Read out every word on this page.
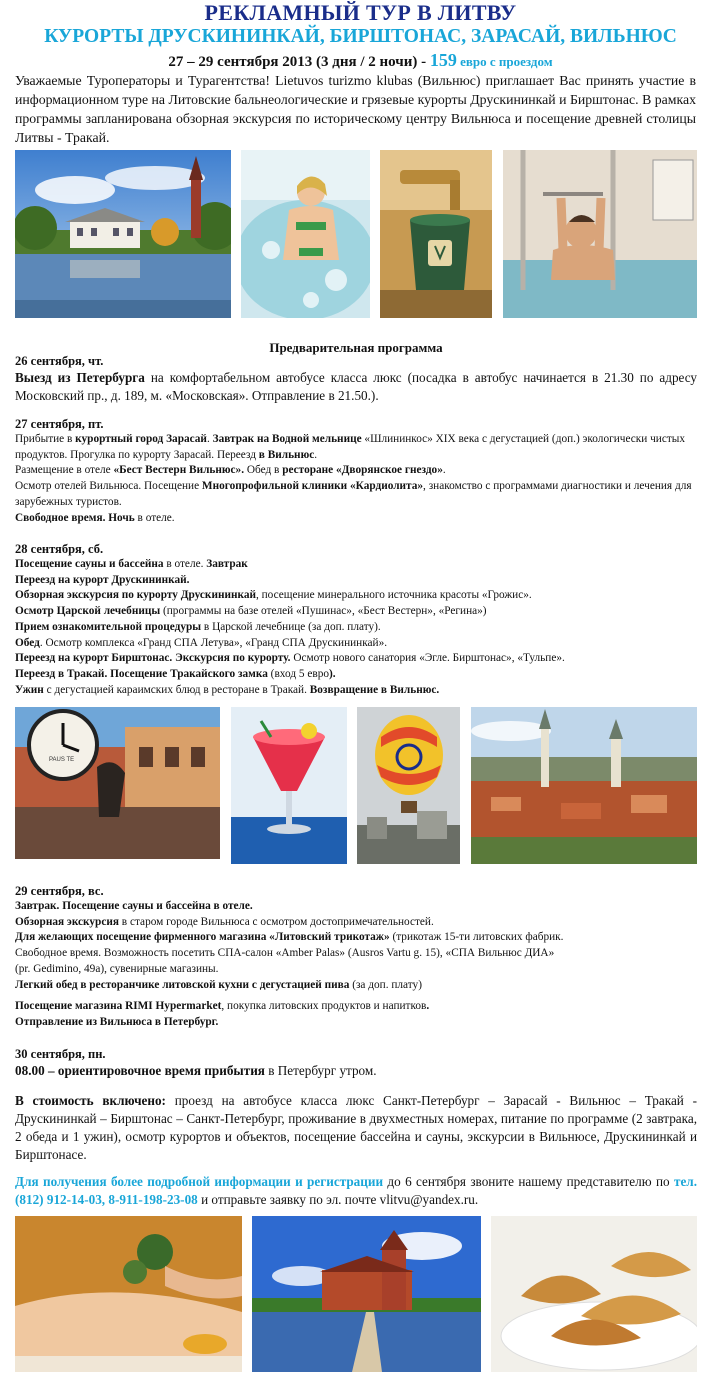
РЕКЛАМНЫЙ ТУР В ЛИТВУ
КУРОРТЫ ДРУСКИНИНКАЙ, БИРШТОНАС, ЗАРАСАЙ, ВИЛЬНЮС
27 – 29 сентября 2013 (3 дня / 2 ночи) - 159 евро с проездом
Уважаемые Туроператоры и Турагентства! Lietuvos turizmo klubas (Вильнюс) приглашает Вас принять участие в информационном туре на Литовские бальнеологические и грязевые курорты Друскининкай и Бирштонас. В рамках программы запланирована обзорная экскурсия по историческому центру Вильнюса и посещение древней столицы Литвы - Тракай.
Предварительная программа
26 сентября, чт.
Выезд из Петербурга на комфортабельном автобусе класса люкс (посадка в автобус начинается в 21.30 по адресу Московский пр., д. 189, м. «Московская». Отправление в 21.50.).
27 сентября, пт.
Прибытие в курортный город Зарасай. Завтрак на Водной мельнице «Шлининкос» XIX века с дегустацией (доп.) экологически чистых продуктов. Прогулка по курорту Зарасай. Переезд в Вильнюс.
Размещение в отеле «Бест Вестерн Вильнюс». Обед в ресторане «Дворянское гнездо».
Осмотр отелей Вильнюса. Посещение Многопрофильной клиники «Кардиолита», знакомство с программами диагностики и лечения для зарубежных туристов.
Свободное время. Ночь в отеле.
28 сентября, сб.
Посещение сауны и бассейна в отеле. Завтрак
Переезд на курорт Друскининкай.
Обзорная экскурсия по курорту Друскининкай, посещение минерального источника красоты «Грожис».
Осмотр Царской лечебницы (программы на базе отелей «Пушинас», «Бест Вестерн», «Регина»)
Прием ознакомительной процедуры в Царской лечебнице (за доп. плату).
Обед. Осмотр комплекса «Гранд СПА Летува», «Гранд СПА Друскининкай».
Переезд на курорт Бирштонас. Экскурсия по курорту. Осмотр нового санатория «Эгле. Бирштонас», «Тульпе».
Переезд в Тракай. Посещение Тракайского замка (вход 5 евро).
Ужин с дегустацией караимских блюд в ресторане в Тракай. Возвращение в Вильнюс.
PAUS TE
29 сентября, вс.
Завтрак. Посещение сауны и бассейна в отеле.
Обзорная экскурсия в старом городе Вильнюса с осмотром достопримечательностей.
Для желающих посещение фирменного магазина «Литовский трикотаж» (трикотаж 15-ти литовских фабрик.
Свободное время. Возможность посетить СПА-салон «Amber Palas» (Ausros Vartu g. 15), «СПА Вильнюс ДИА»
(pr. Gedimino, 49a), сувенирные магазины.
Легкий обед в ресторанчике литовской кухни с дегустацией пива (за доп. плату)
Посещение магазина RIMI Hypermarket, покупка литовских продуктов и напитков.
Отправление из Вильнюса в Петербург.
30 сентября, пн.
08.00 – ориентировочное время прибытия в Петербург утром.
В стоимость включено: проезд на автобусе класса люкс Санкт-Петербург – Зарасай - Вильнюс – Тракай - Друскининкай – Бирштонас – Санкт-Петербург, проживание в двухместных номерах, питание по программе (2 завтрака, 2 обеда и 1 ужин), осмотр курортов и объектов, посещение бассейна и сауны, экскурсии в Вильнюсе, Друскининкай и Бирштонасе.
Для получения более подробной информации и регистрации до 6 сентября звоните нашему представителю по тел. (812) 912-14-03, 8-911-198-23-08 и отправьте заявку по эл. почте vlitvu@yandex.ru.
